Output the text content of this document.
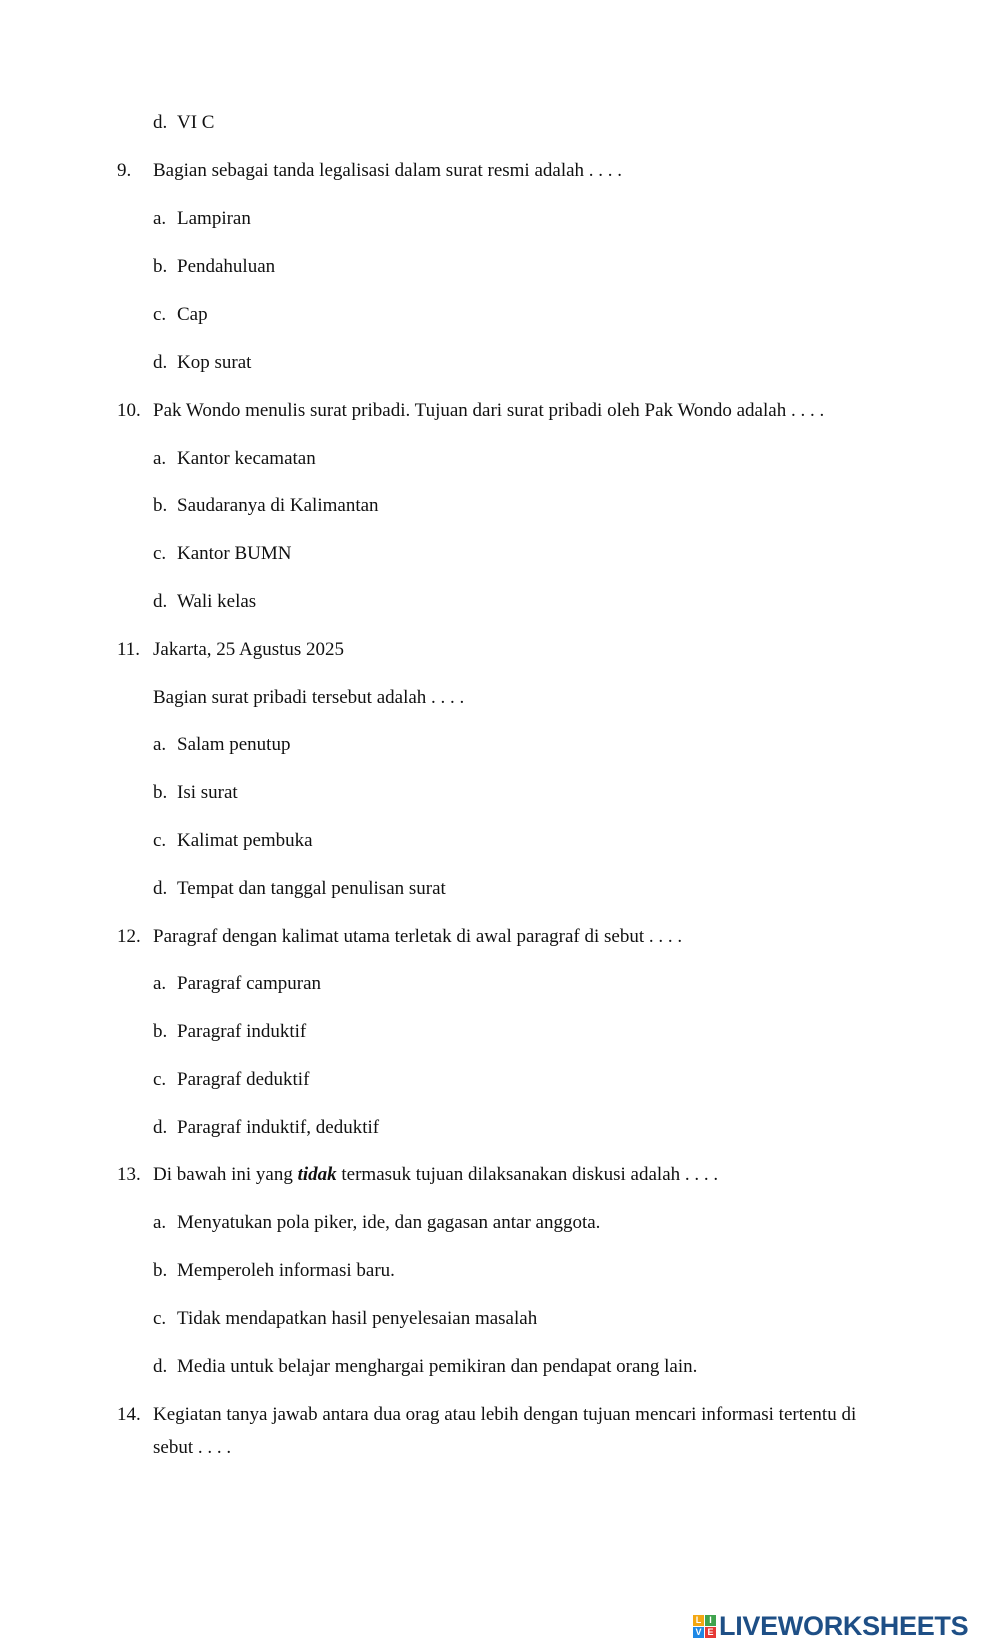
d. VI C
9. Bagian sebagai tanda legalisasi dalam surat resmi adalah . . . .
a. Lampiran
b. Pendahuluan
c. Cap
d. Kop surat
10. Pak Wondo menulis surat pribadi. Tujuan dari surat pribadi oleh Pak Wondo adalah . . . .
a. Kantor kecamatan
b. Saudaranya di Kalimantan
c. Kantor BUMN
d. Wali kelas
11. Jakarta, 25 Agustus 2025
Bagian surat pribadi tersebut adalah . . . .
a. Salam penutup
b. Isi surat
c. Kalimat pembuka
d. Tempat dan tanggal penulisan surat
12. Paragraf dengan kalimat utama terletak di awal paragraf di sebut . . . .
a. Paragraf campuran
b. Paragraf induktif
c. Paragraf deduktif
d. Paragraf induktif, deduktif
13. Di bawah ini yang tidak termasuk tujuan dilaksanakan diskusi adalah . . . .
a. Menyatukan pola piker, ide, dan gagasan antar anggota.
b. Memperoleh informasi baru.
c. Tidak mendapatkan hasil penyelesaian masalah
d. Media untuk belajar menghargai pemikiran dan pendapat orang lain.
14. Kegiatan tanya jawab antara dua orag atau lebih dengan tujuan mencari informasi tertentu di
sebut . . . .
L I
V E LIVEWORKSHEETS
